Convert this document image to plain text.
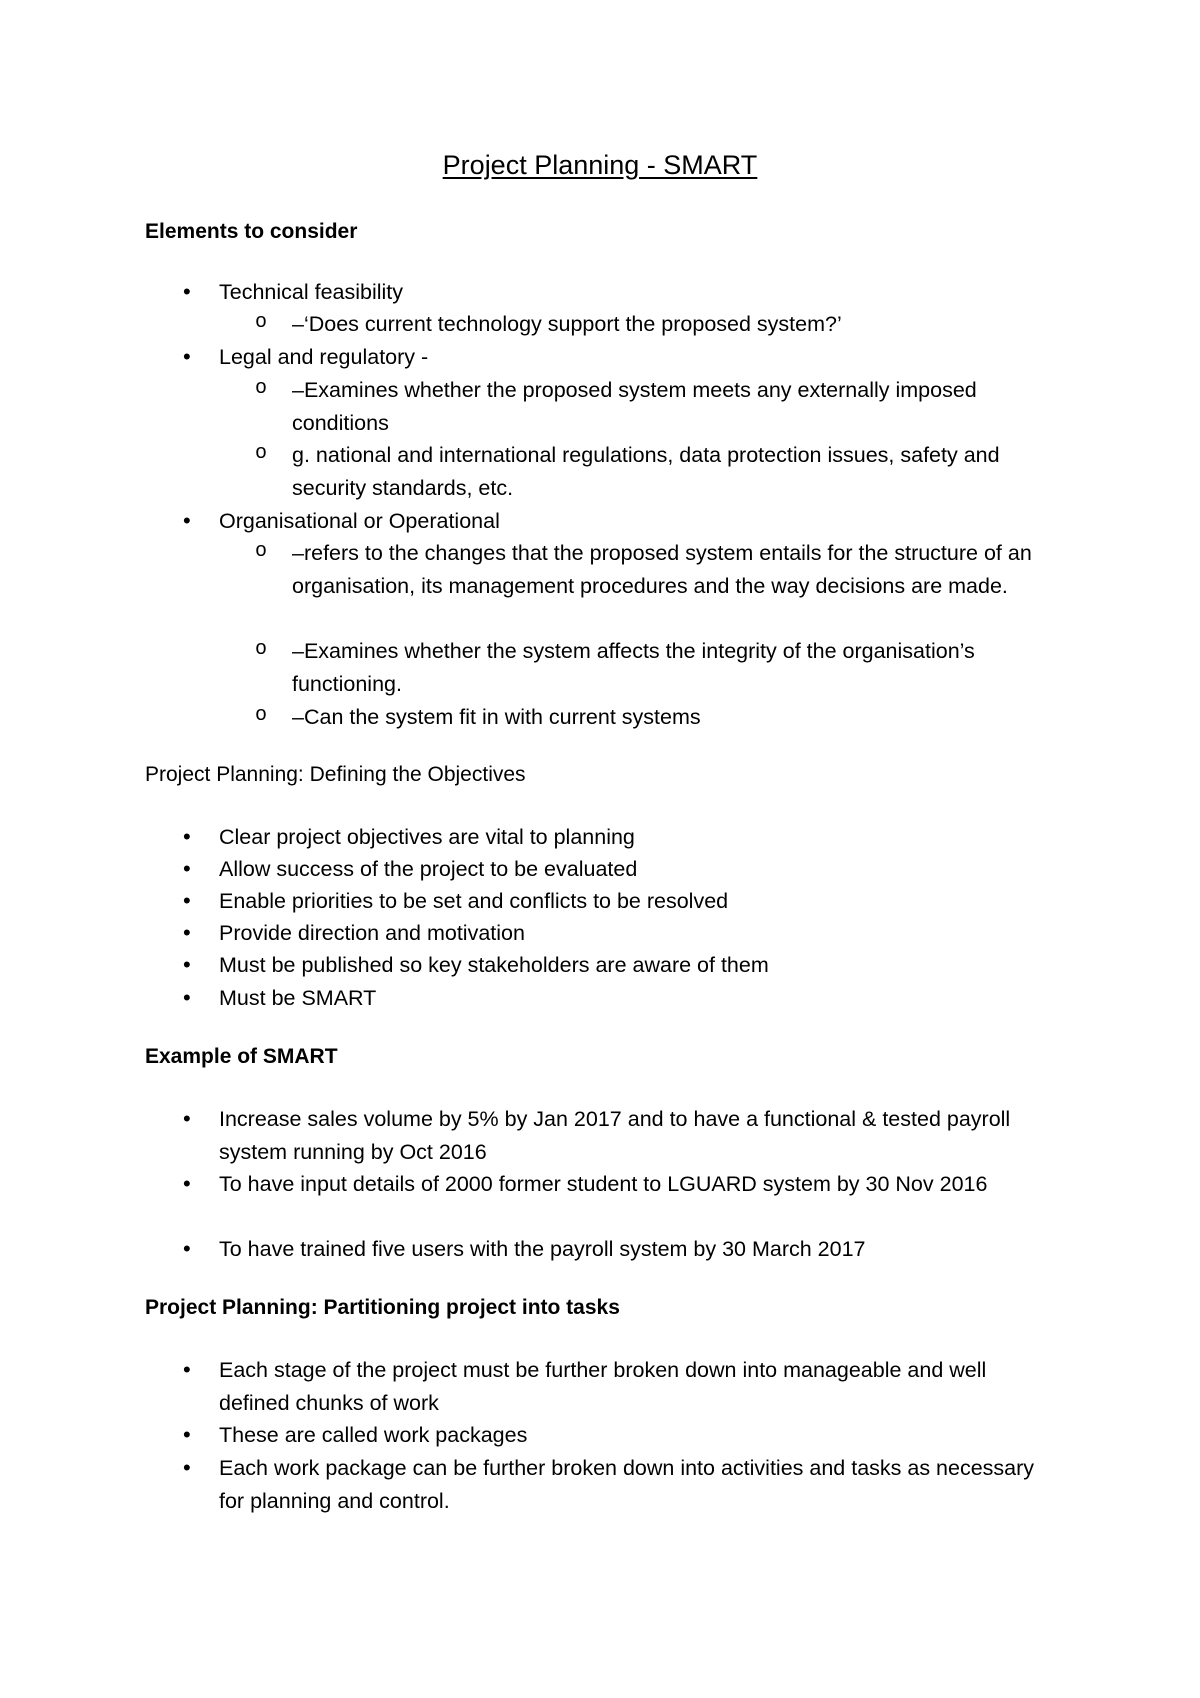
Project Planning - SMART
Elements to consider
• Technical feasibility
o –‘Does current technology support the proposed system?’
• Legal and regulatory -
o –Examines whether the proposed system meets any externally imposed conditions
o g. national and international regulations, data protection issues, safety and security standards, etc.
• Organisational or Operational
o –refers to the changes that the proposed system entails for the structure of an organisation, its management procedures and the way decisions are made.
o –Examines whether the system affects the integrity of the organisation’s functioning.
o –Can the system fit in with current systems
Project Planning: Defining the Objectives
• Clear project objectives are vital to planning
• Allow success of the project to be evaluated
• Enable priorities to be set and conflicts to be resolved
• Provide direction and motivation
• Must be published so key stakeholders are aware of them
• Must be SMART
Example of SMART
• Increase sales volume by 5% by Jan 2017 and to have a functional & tested payroll system running by Oct 2016
• To have input details of 2000 former student to LGUARD system by 30 Nov 2016
• To have trained five users with the payroll system by 30 March 2017
Project Planning: Partitioning project into tasks
• Each stage of the project must be further broken down into manageable and well defined chunks of work
• These are called work packages
• Each work package can be further broken down into activities and tasks as necessary for planning and control.
